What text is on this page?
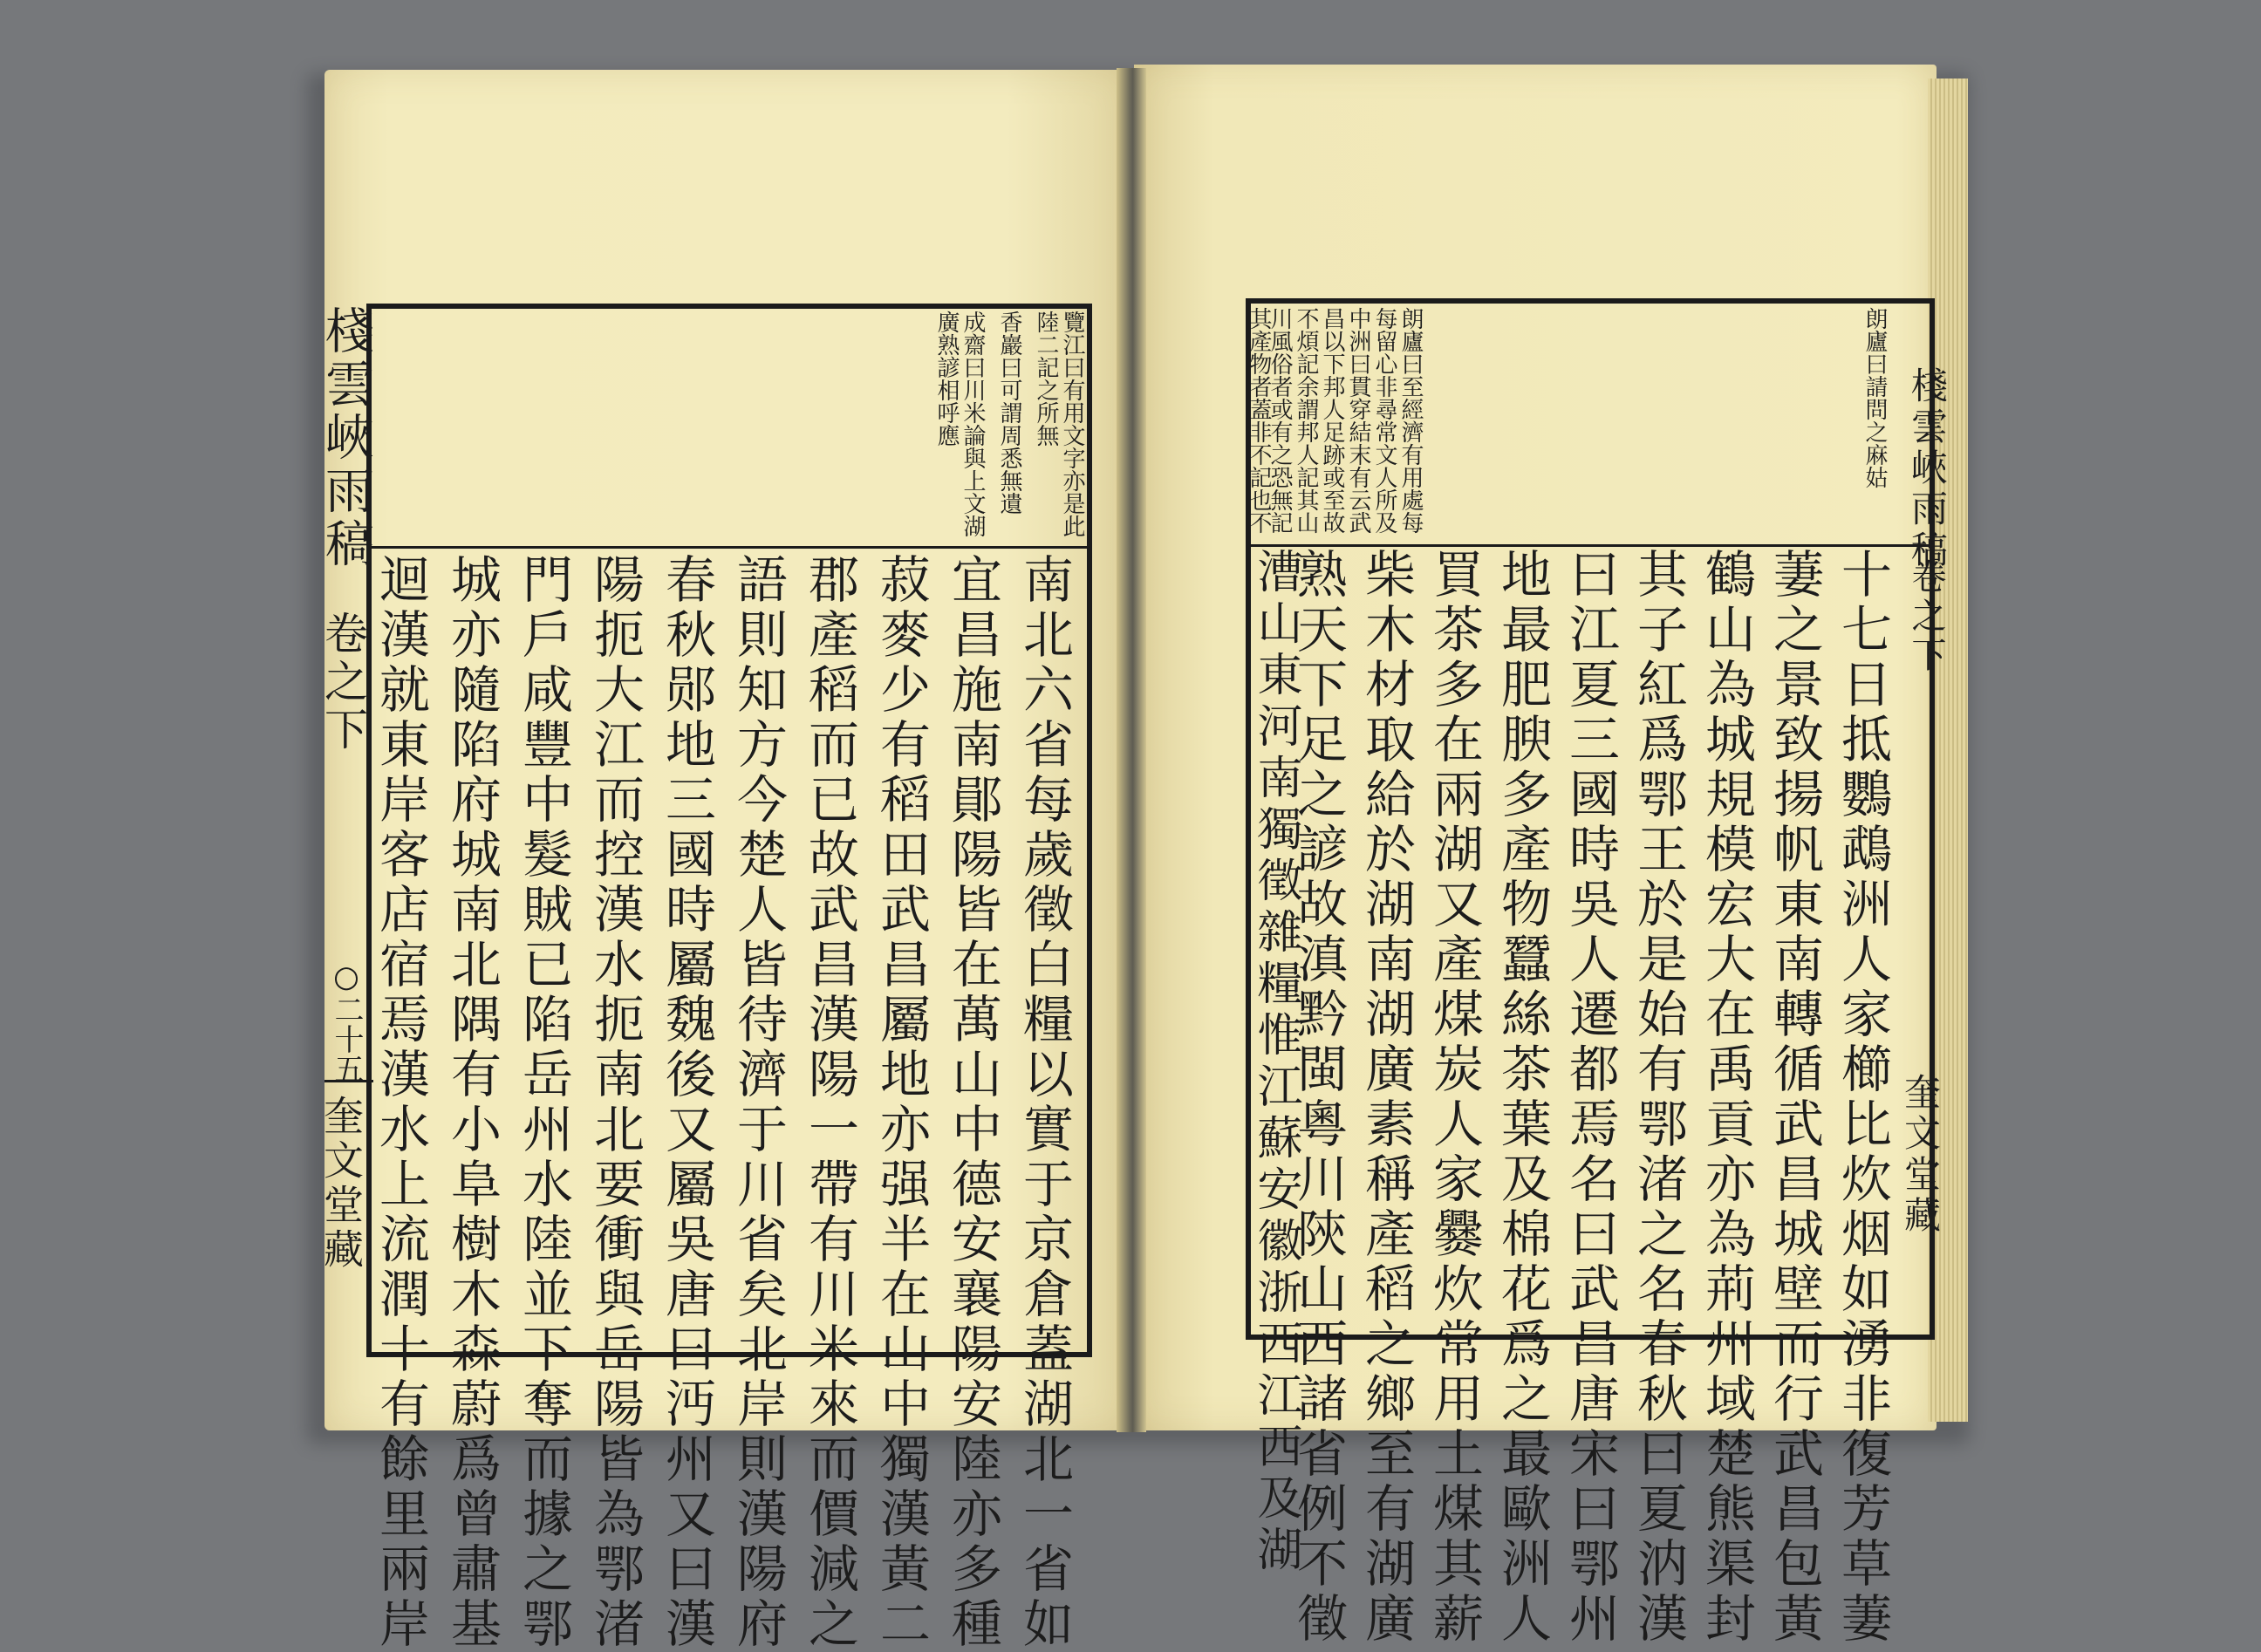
棧雲峽雨稿
卷之下
○二十五
奎文堂藏
覽江曰有用文字亦是此
陸二記之所無
香巖曰可謂周悉無遺
成齋曰川米論與上文湖
廣熟諺相呼應
南北六省每歲徵白糧以實于京倉蓋湖北一省如
宜昌施南鄖陽皆在萬山中德安襄陽安陸亦多種
菽麥少有稻田武昌屬地亦强半在山中獨漢黃二
郡產稻而已故武昌漢陽一帶有川米來而價減之
語則知方今楚人皆待濟于川省矣北岸則漢陽府
春秋郧地三國時屬魏後又屬吳唐曰沔州又曰漢
陽扼大江而控漢水扼南北要衝與岳陽皆為鄂渚
門戶咸豐中髮賊已陷岳州水陸並下奪而據之鄂
城亦隨陷府城南北隅有小阜樹木森蔚爲曾肅基
迴漢就東岸客店宿焉漢水上流潤十有餘里兩岸
朗廬曰請問之麻姑
朗廬曰至經濟有用處每
每留心非尋常文人所及
中洲曰貫穿結末有云武
昌以下邦人足跡或至故
不煩記余謂邦人記其山
川風俗者或有之恐無記
其產物者蓋非不記也不
十七日抵鸚鵡洲人家櫛比炊烟如湧非復芳草萋
萋之景致揚帆東南轉循武昌城壁而行武昌包黃
鶴山為城規模宏大在禹貢亦為荊州域楚熊渠封
其子紅爲鄂王於是始有鄂渚之名春秋曰夏汭漢
曰江夏三國時吳人遷都焉名曰武昌唐宋曰鄂州
地最肥腴多產物蠶絲茶葉及棉花爲之最歐洲人
買茶多在兩湖又產煤炭人家爨炊常用土煤其薪
柴木材取給於湖南湖廣素稱產稻之鄉至有湖廣
熟天下足之諺故滇黔閩粵川陝山西諸省例不徵
漕山東河南獨徵雜糧惟江蘇安徽浙西江西及湖
棧雲峽雨稿
卷之下
奎文堂藏
